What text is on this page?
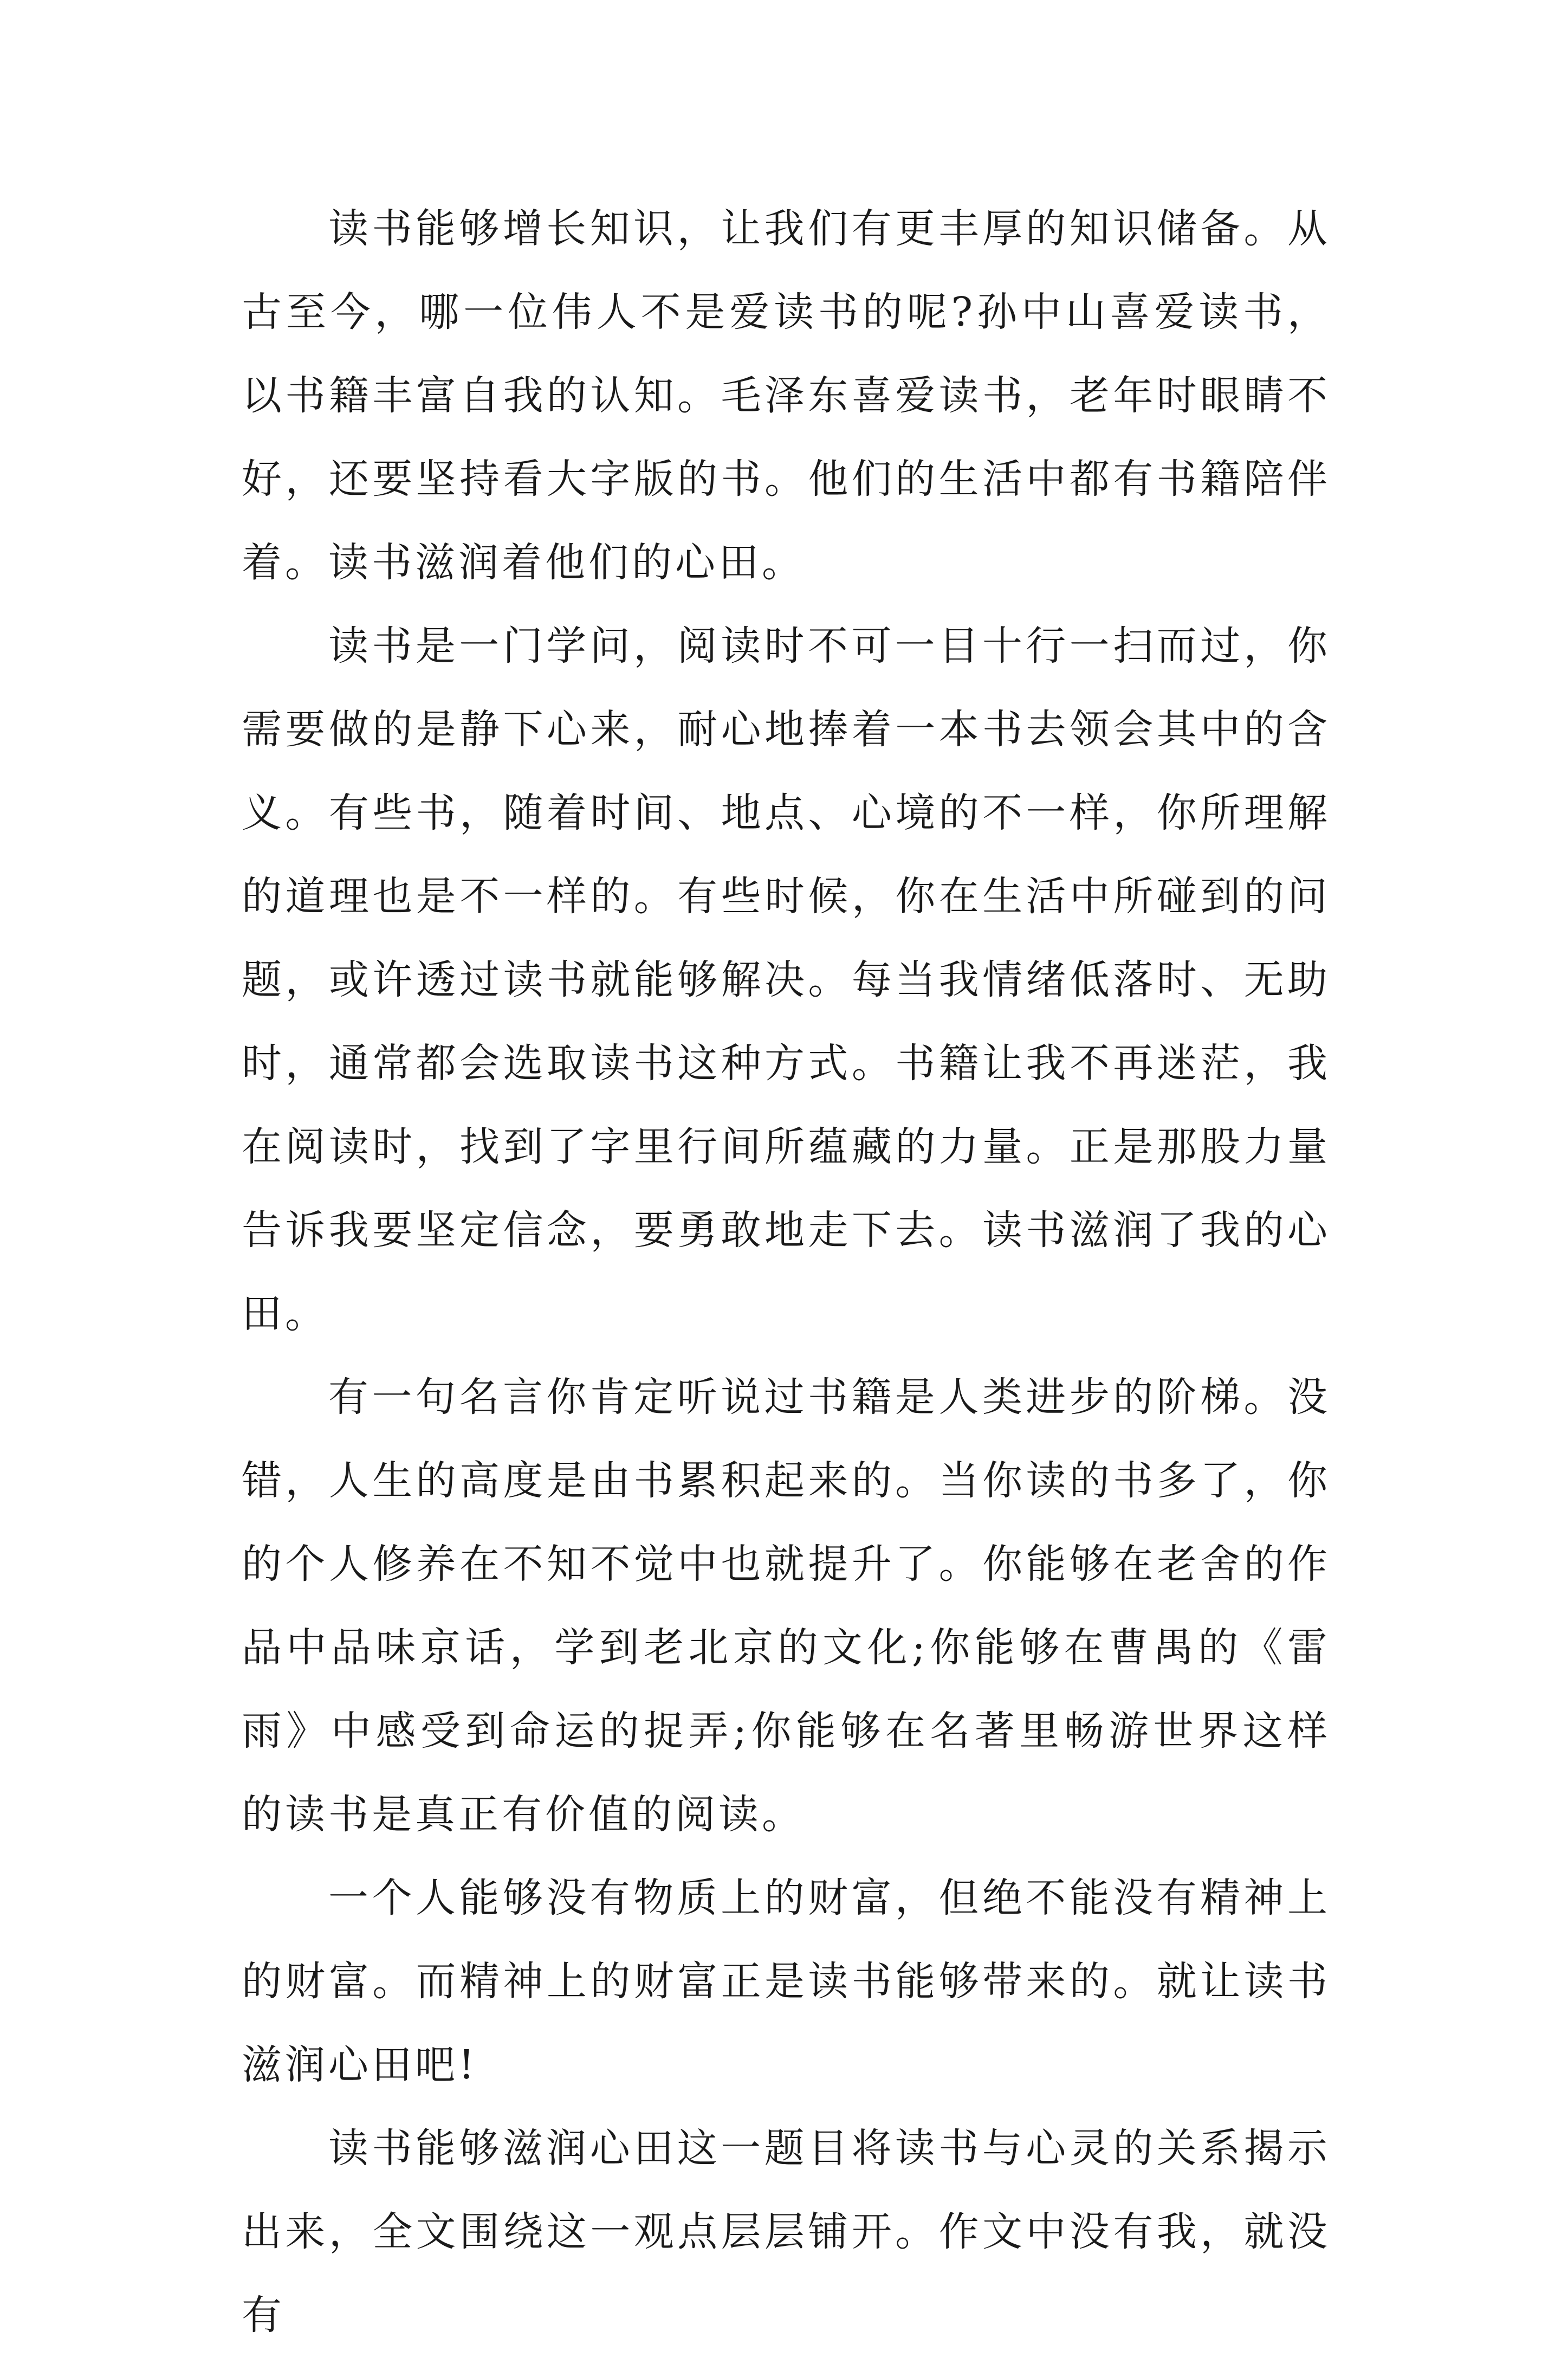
读书能够增长知识，让我们有更丰厚的知识储备。从古至今，哪一位伟人不是爱读书的呢?孙中山喜爱读书，以书籍丰富自我的认知。毛泽东喜爱读书，老年时眼睛不好，还要坚持看大字版的书。他们的生活中都有书籍陪伴着。读书滋润着他们的心田。

读书是一门学问，阅读时不可一目十行一扫而过，你需要做的是静下心来，耐心地捧着一本书去领会其中的含义。有些书，随着时间、地点、心境的不一样，你所理解的道理也是不一样的。有些时候，你在生活中所碰到的问题，或许透过读书就能够解决。每当我情绪低落时、无助时，通常都会选取读书这种方式。书籍让我不再迷茫，我在阅读时，找到了字里行间所蕴藏的力量。正是那股力量告诉我要坚定信念，要勇敢地走下去。读书滋润了我的心田。

有一句名言你肯定听说过书籍是人类进步的阶梯。没错，人生的高度是由书累积起来的。当你读的书多了，你的个人修养在不知不觉中也就提升了。你能够在老舍的作品中品味京话，学到老北京的文化;你能够在曹禺的《雷雨》中感受到命运的捉弄;你能够在名著里畅游世界这样的读书是真正有价值的阅读。

一个人能够没有物质上的财富，但绝不能没有精神上的财富。而精神上的财富正是读书能够带来的。就让读书滋润心田吧!

读书能够滋润心田这一题目将读书与心灵的关系揭示出来，全文围绕这一观点层层铺开。作文中没有我，就没有
